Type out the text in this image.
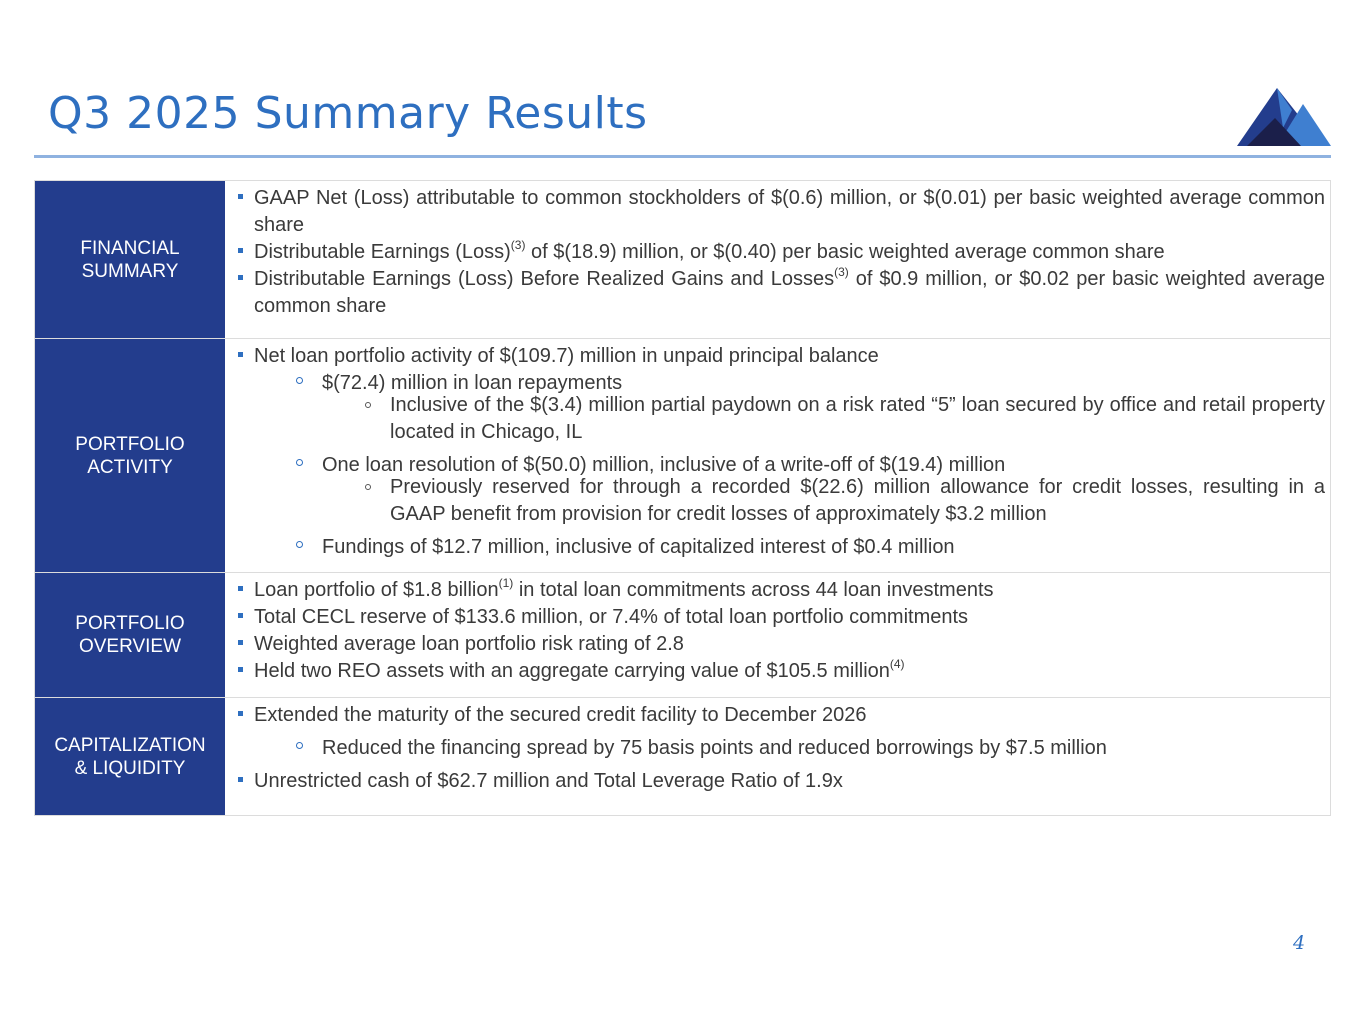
Q3 2025 Summary Results
FINANCIAL
SUMMARY
GAAP Net (Loss) attributable to common stockholders of $(0.6) million, or $(0.01) per basic weighted average common share
Distributable Earnings (Loss)$^{(3)}$ of $(18.9) million, or $(0.40) per basic weighted average common share
Distributable Earnings (Loss) Before Realized Gains and Losses$^{(3)}$ of $0.9 million, or $0.02 per basic weighted average common share
PORTFOLIO
ACTIVITY
Net loan portfolio activity of $(109.7) million in unpaid principal balance
$(72.4) million in loan repayments
Inclusive of the $(3.4) million partial paydown on a risk rated “5” loan secured by office and retail property located in Chicago, IL
One loan resolution of $(50.0) million, inclusive of a write-off of $(19.4) million
Previously reserved for through a recorded $(22.6) million allowance for credit losses, resulting in a GAAP benefit from provision for credit losses of approximately $3.2 million
Fundings of $12.7 million, inclusive of capitalized interest of $0.4 million
PORTFOLIO
OVERVIEW
Loan portfolio of $1.8 billion$^{(1)}$ in total loan commitments across 44 loan investments
Total CECL reserve of $133.6 million, or 7.4% of total loan portfolio commitments
Weighted average loan portfolio risk rating of 2.8
Held two REO assets with an aggregate carrying value of $105.5 million$^{(4)}$
CAPITALIZATION
& LIQUIDITY
Extended the maturity of the secured credit facility to December 2026
Reduced the financing spread by 75 basis points and reduced borrowings by $7.5 million
Unrestricted cash of $62.7 million and Total Leverage Ratio of 1.9x
4
